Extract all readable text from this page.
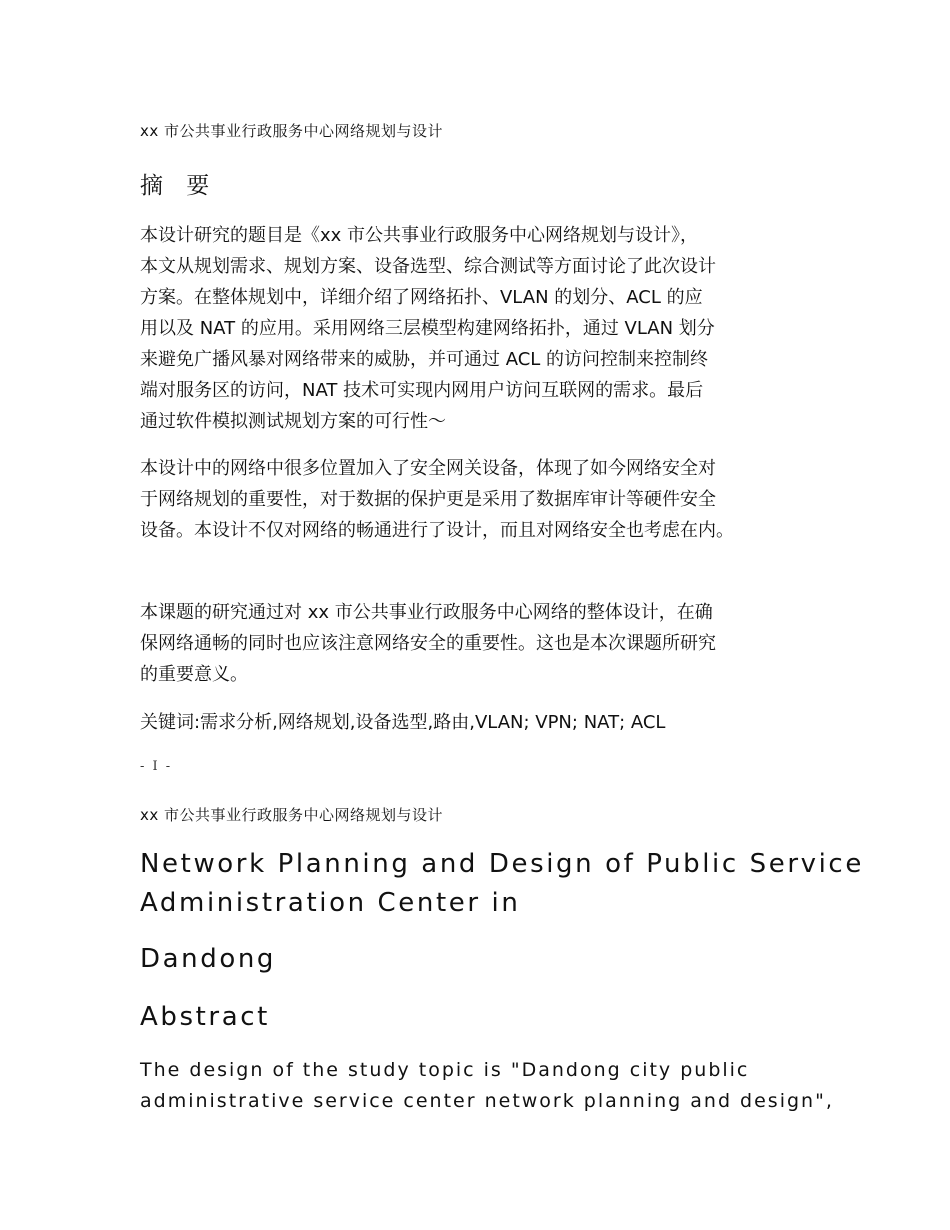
xx 市公共事业行政服务中心网络规划与设计
摘 要
本设计研究的题目是《xx 市公共事业行政服务中心网络规划与设计》，
本文从规划需求、规划方案、设备选型、综合测试等方面讨论了此次设计
方案。在整体规划中，详细介绍了网络拓扑、VLAN 的划分、ACL 的应
用以及 NAT 的应用。采用网络三层模型构建网络拓扑，通过 VLAN 划分
来避免广播风暴对网络带来的威胁，并可通过 ACL 的访问控制来控制终
端对服务区的访问，NAT 技术可实现内网用户访问互联网的需求。最后
通过软件模拟测试规划方案的可行性～
本设计中的网络中很多位置加入了安全网关设备，体现了如今网络安全对
于网络规划的重要性，对于数据的保护更是采用了数据库审计等硬件安全
设备。本设计不仅对网络的畅通进行了设计，而且对网络安全也考虑在内。
本课题的研究通过对 xx 市公共事业行政服务中心网络的整体设计，在确
保网络通畅的同时也应该注意网络安全的重要性。这也是本次课题所研究
的重要意义。
关键词:需求分析,网络规划,设备选型,路由,VLAN; VPN; NAT; ACL
- I -
xx 市公共事业行政服务中心网络规划与设计
Network Planning and Design of Public Service
Administration Center in
Dandong
Abstract
The design of the study topic is "Dandong city public
administrative service center network planning and design",
